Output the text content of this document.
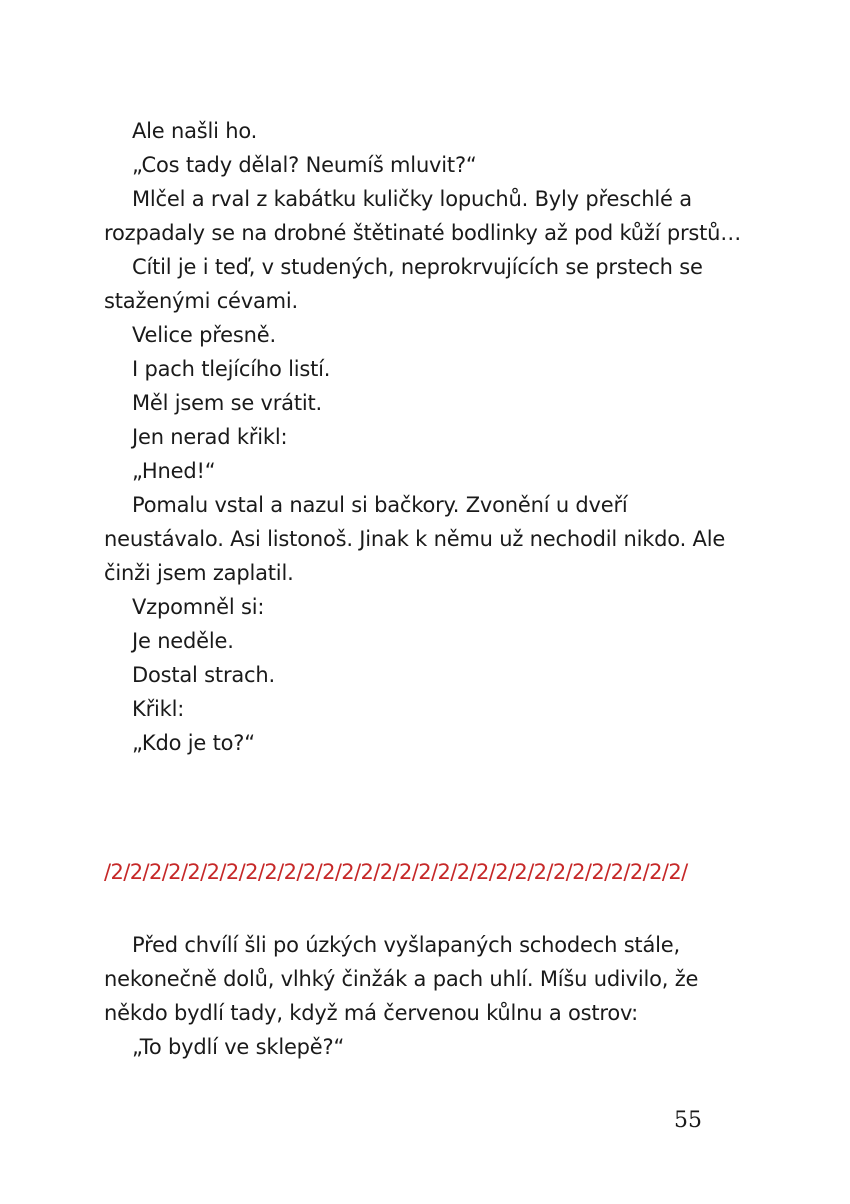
Ale našli ho.

„Cos tady dělal? Neumíš mluvit?“

Mlčel a rval z kabátku kuličky lopuchů. Byly přeschlé a rozpadaly se na drobné štětinaté bodlinky až pod kůží prstů…

Cítil je i teď, v studených, neprokrvujících se prstech se staženými cévami.

Velice přesně.

I pach tlejícího listí.

Měl jsem se vrátit.

Jen nerad křikl:

„Hned!“

Pomalu vstal a nazul si bačkory. Zvonění u dveří neustávalo. Asi listonoš. Jinak k němu už nechodil nikdo. Ale činži jsem zaplatil.

Vzpomněl si:

Je neděle.

Dostal strach.

Křikl:

„Kdo je to?“

/2/2/2/2/2/2/2/2/2/2/2/2/2/2/2/2/2/2/2/2/2/2/2/2/2/2/2/2/2/2/

Před chvílí šli po úzkých vyšlapaných schodech stále, nekonečně dolů, vlhký činžák a pach uhlí. Míšu udivilo, že někdo bydlí tady, když má červenou kůlnu a ostrov:

„To bydlí ve sklepě?“

55
